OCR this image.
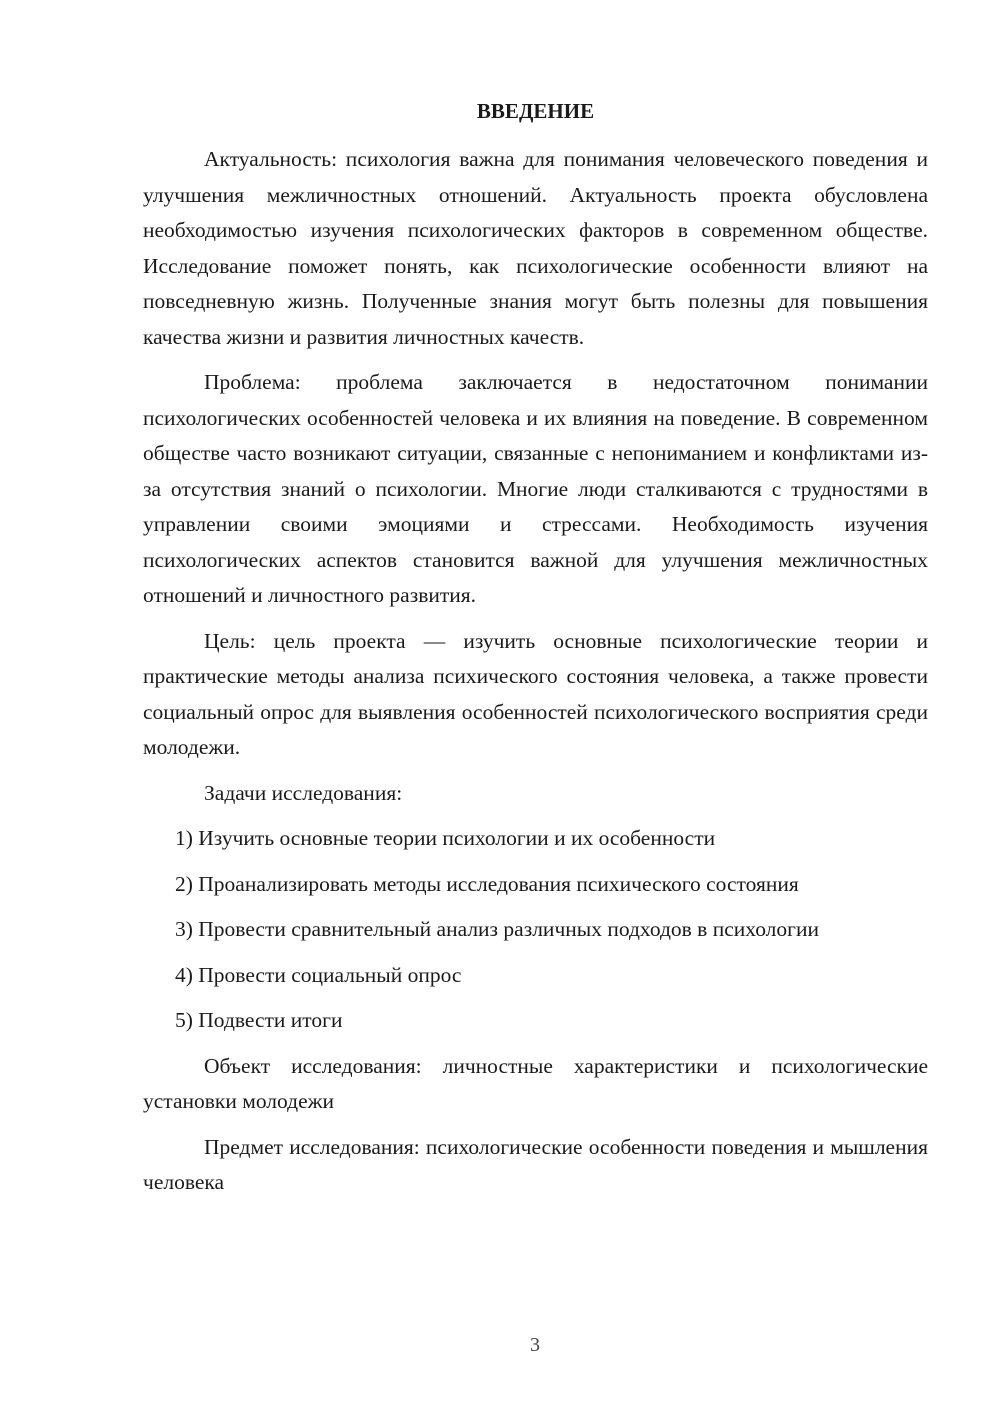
ВВЕДЕНИЕ

Актуальность: психология важна для понимания человеческого поведения и улучшения межличностных отношений. Актуальность проекта обусловлена необходимостью изучения психологических факторов в современном обществе. Исследование поможет понять, как психологические особенности влияют на повседневную жизнь. Полученные знания могут быть полезны для повышения качества жизни и развития личностных качеств.

Проблема: проблема заключается в недостаточном понимании психологических особенностей человека и их влияния на поведение. В современном обществе часто возникают ситуации, связанные с непониманием и конфликтами из-за отсутствия знаний о психологии. Многие люди сталкиваются с трудностями в управлении своими эмоциями и стрессами. Необходимость изучения психологических аспектов становится важной для улучшения межличностных отношений и личностного развития.

Цель: цель проекта — изучить основные психологические теории и практические методы анализа психического состояния человека, а также провести социальный опрос для выявления особенностей психологического восприятия среди молодежи.

Задачи исследования:

1) Изучить основные теории психологии и их особенности

2) Проанализировать методы исследования психического состояния

3) Провести сравнительный анализ различных подходов в психологии

4) Провести социальный опрос

5) Подвести итоги

Объект исследования: личностные характеристики и психологические установки молодежи

Предмет исследования: психологические особенности поведения и мышления человека

3
